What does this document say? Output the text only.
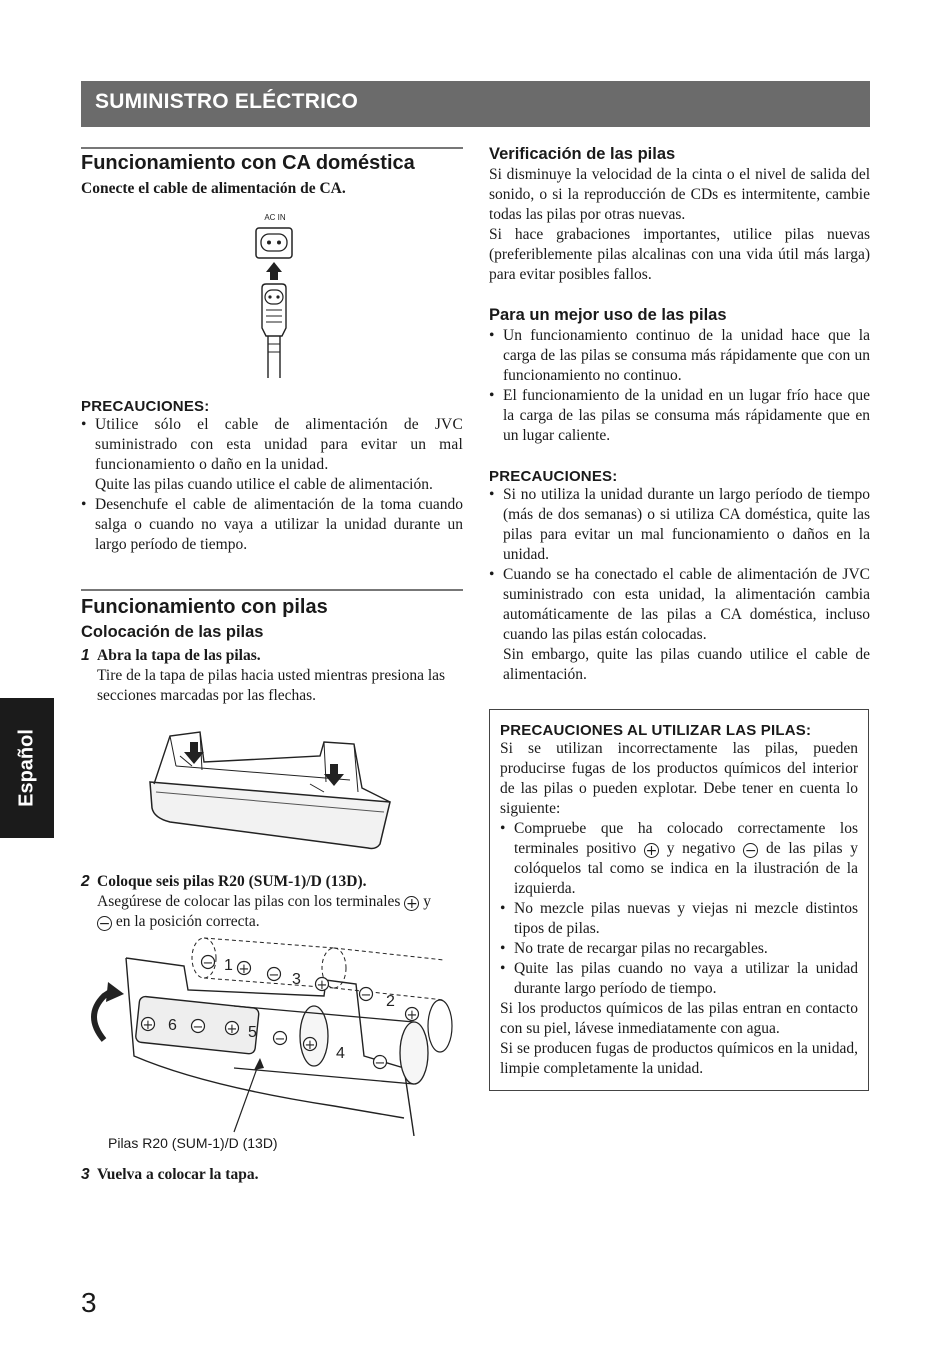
SUMINISTRO ELÉCTRICO
Español
Funcionamiento con CA doméstica

Conecte el cable de alimentación de CA.

AC IN
PRECAUCIONES:
• Utilice sólo el cable de alimentación de JVC suministrado con esta unidad para evitar un mal funcionamiento o daño en la unidad.
Quite las pilas cuando utilice el cable de alimentación.
• Desenchufe el cable de alimentación de la toma cuando salga o cuando no vaya a utilizar la unidad durante un largo período de tiempo.
Funcionamiento con pilas
Colocación de las pilas
1 Abra la tapa de las pilas.
Tire de la tapa de pilas hacia usted mientras presiona las secciones marcadas por las flechas.
2 Coloque seis pilas R20 (SUM-1)/D (13D).
Asegúrese de colocar las pilas con los terminales + y
− en la posición correcta.
− 1 + − 3 +
− 2
+
+ 6 − + 5 − + 4
−
Pilas R20 (SUM-1)/D (13D)
3 Vuelva a colocar la tapa.
Verificación de las pilas

Si disminuye la velocidad de la cinta o el nivel de salida del sonido, o si la reproducción de CDs es intermitente, cambie todas las pilas por otras nuevas.

Si hace grabaciones importantes, utilice pilas nuevas (preferiblemente pilas alcalinas con una vida útil más larga) para evitar posibles fallos.

Para un mejor uso de las pilas
• Un funcionamiento continuo de la unidad hace que la carga de las pilas se consuma más rápidamente que con un funcionamiento no continuo.
• El funcionamiento de la unidad en un lugar frío hace que la carga de las pilas se consuma más rápidamente que en un lugar caliente.
PRECAUCIONES:
• Si no utiliza la unidad durante un largo período de tiempo (más de dos semanas) o si utiliza CA doméstica, quite las pilas para evitar un mal funcionamiento o daños en la unidad.
• Cuando se ha conectado el cable de alimentación de JVC suministrado con esta unidad, la alimentación cambia automáticamente de las pilas a CA doméstica, incluso cuando las pilas están colocadas.
Sin embargo, quite las pilas cuando utilice el cable de alimentación.
PRECAUCIONES AL UTILIZAR LAS PILAS:

Si se utilizan incorrectamente las pilas, pueden producirse fugas de los productos químicos del interior de las pilas o pueden explotar. Debe tener en cuenta lo siguiente:

• Compruebe que ha colocado correctamente los terminales positivo + y negativo − de las pilas y colóquelos tal como se indica en la ilustración de la izquierda.
• No mezcle pilas nuevas y viejas ni mezcle distintos tipos de pilas.
• No trate de recargar pilas no recargables.
• Quite las pilas cuando no vaya a utilizar la unidad durante largo período de tiempo.

Si los productos químicos de las pilas entran en contacto con su piel, lávese inmediatamente con agua.

Si se producen fugas de productos químicos en la unidad, limpie completamente la unidad.

3
